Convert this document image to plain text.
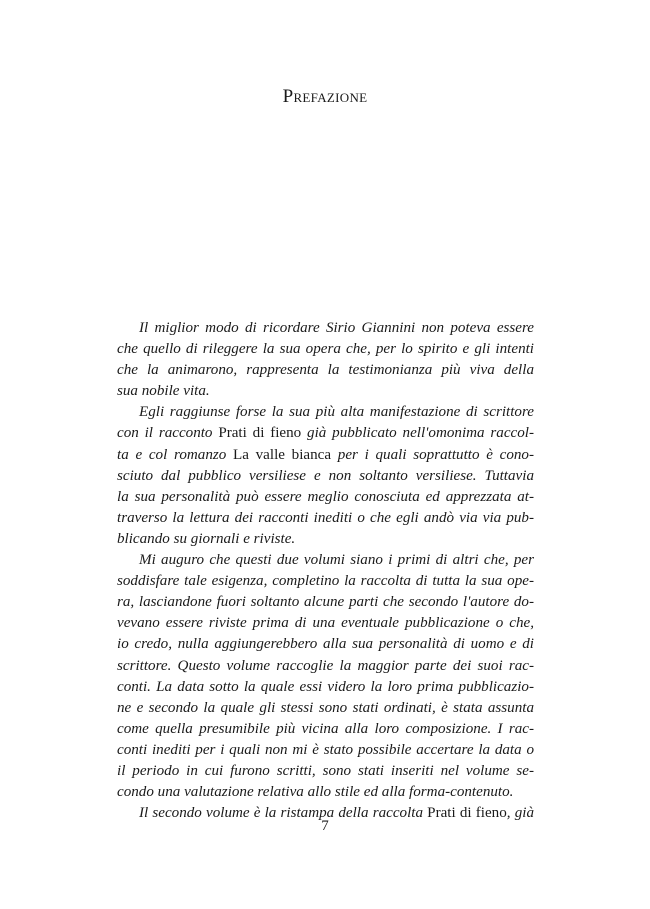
Prefazione
Il miglior modo di ricordare Sirio Giannini non poteva essere
che quello di rileggere la sua opera che, per lo spirito e gli intenti
che la animarono, rappresenta la testimonianza più viva della
sua nobile vita.
Egli raggiunse forse la sua più alta manifestazione di scrittore
con il racconto Prati di fieno già pubblicato nell'omonima raccol-
ta e col romanzo La valle bianca per i quali soprattutto è cono-
sciuto dal pubblico versiliese e non soltanto versiliese. Tuttavia
la sua personalità può essere meglio conosciuta ed apprezzata at-
traverso la lettura dei racconti inediti o che egli andò via via pub-
blicando su giornali e riviste.
Mi auguro che questi due volumi siano i primi di altri che, per
soddisfare tale esigenza, completino la raccolta di tutta la sua ope-
ra, lasciandone fuori soltanto alcune parti che secondo l'autore do-
vevano essere riviste prima di una eventuale pubblicazione o che,
io credo, nulla aggiungerebbero alla sua personalità di uomo e di
scrittore. Questo volume raccoglie la maggior parte dei suoi rac-
conti. La data sotto la quale essi videro la loro prima pubblicazio-
ne e secondo la quale gli stessi sono stati ordinati, è stata assunta
come quella presumibile più vicina alla loro composizione. I rac-
conti inediti per i quali non mi è stato possibile accertare la data o
il periodo in cui furono scritti, sono stati inseriti nel volume se-
condo una valutazione relativa allo stile ed alla forma-contenuto.
Il secondo volume è la ristampa della raccolta Prati di fieno, già
7
